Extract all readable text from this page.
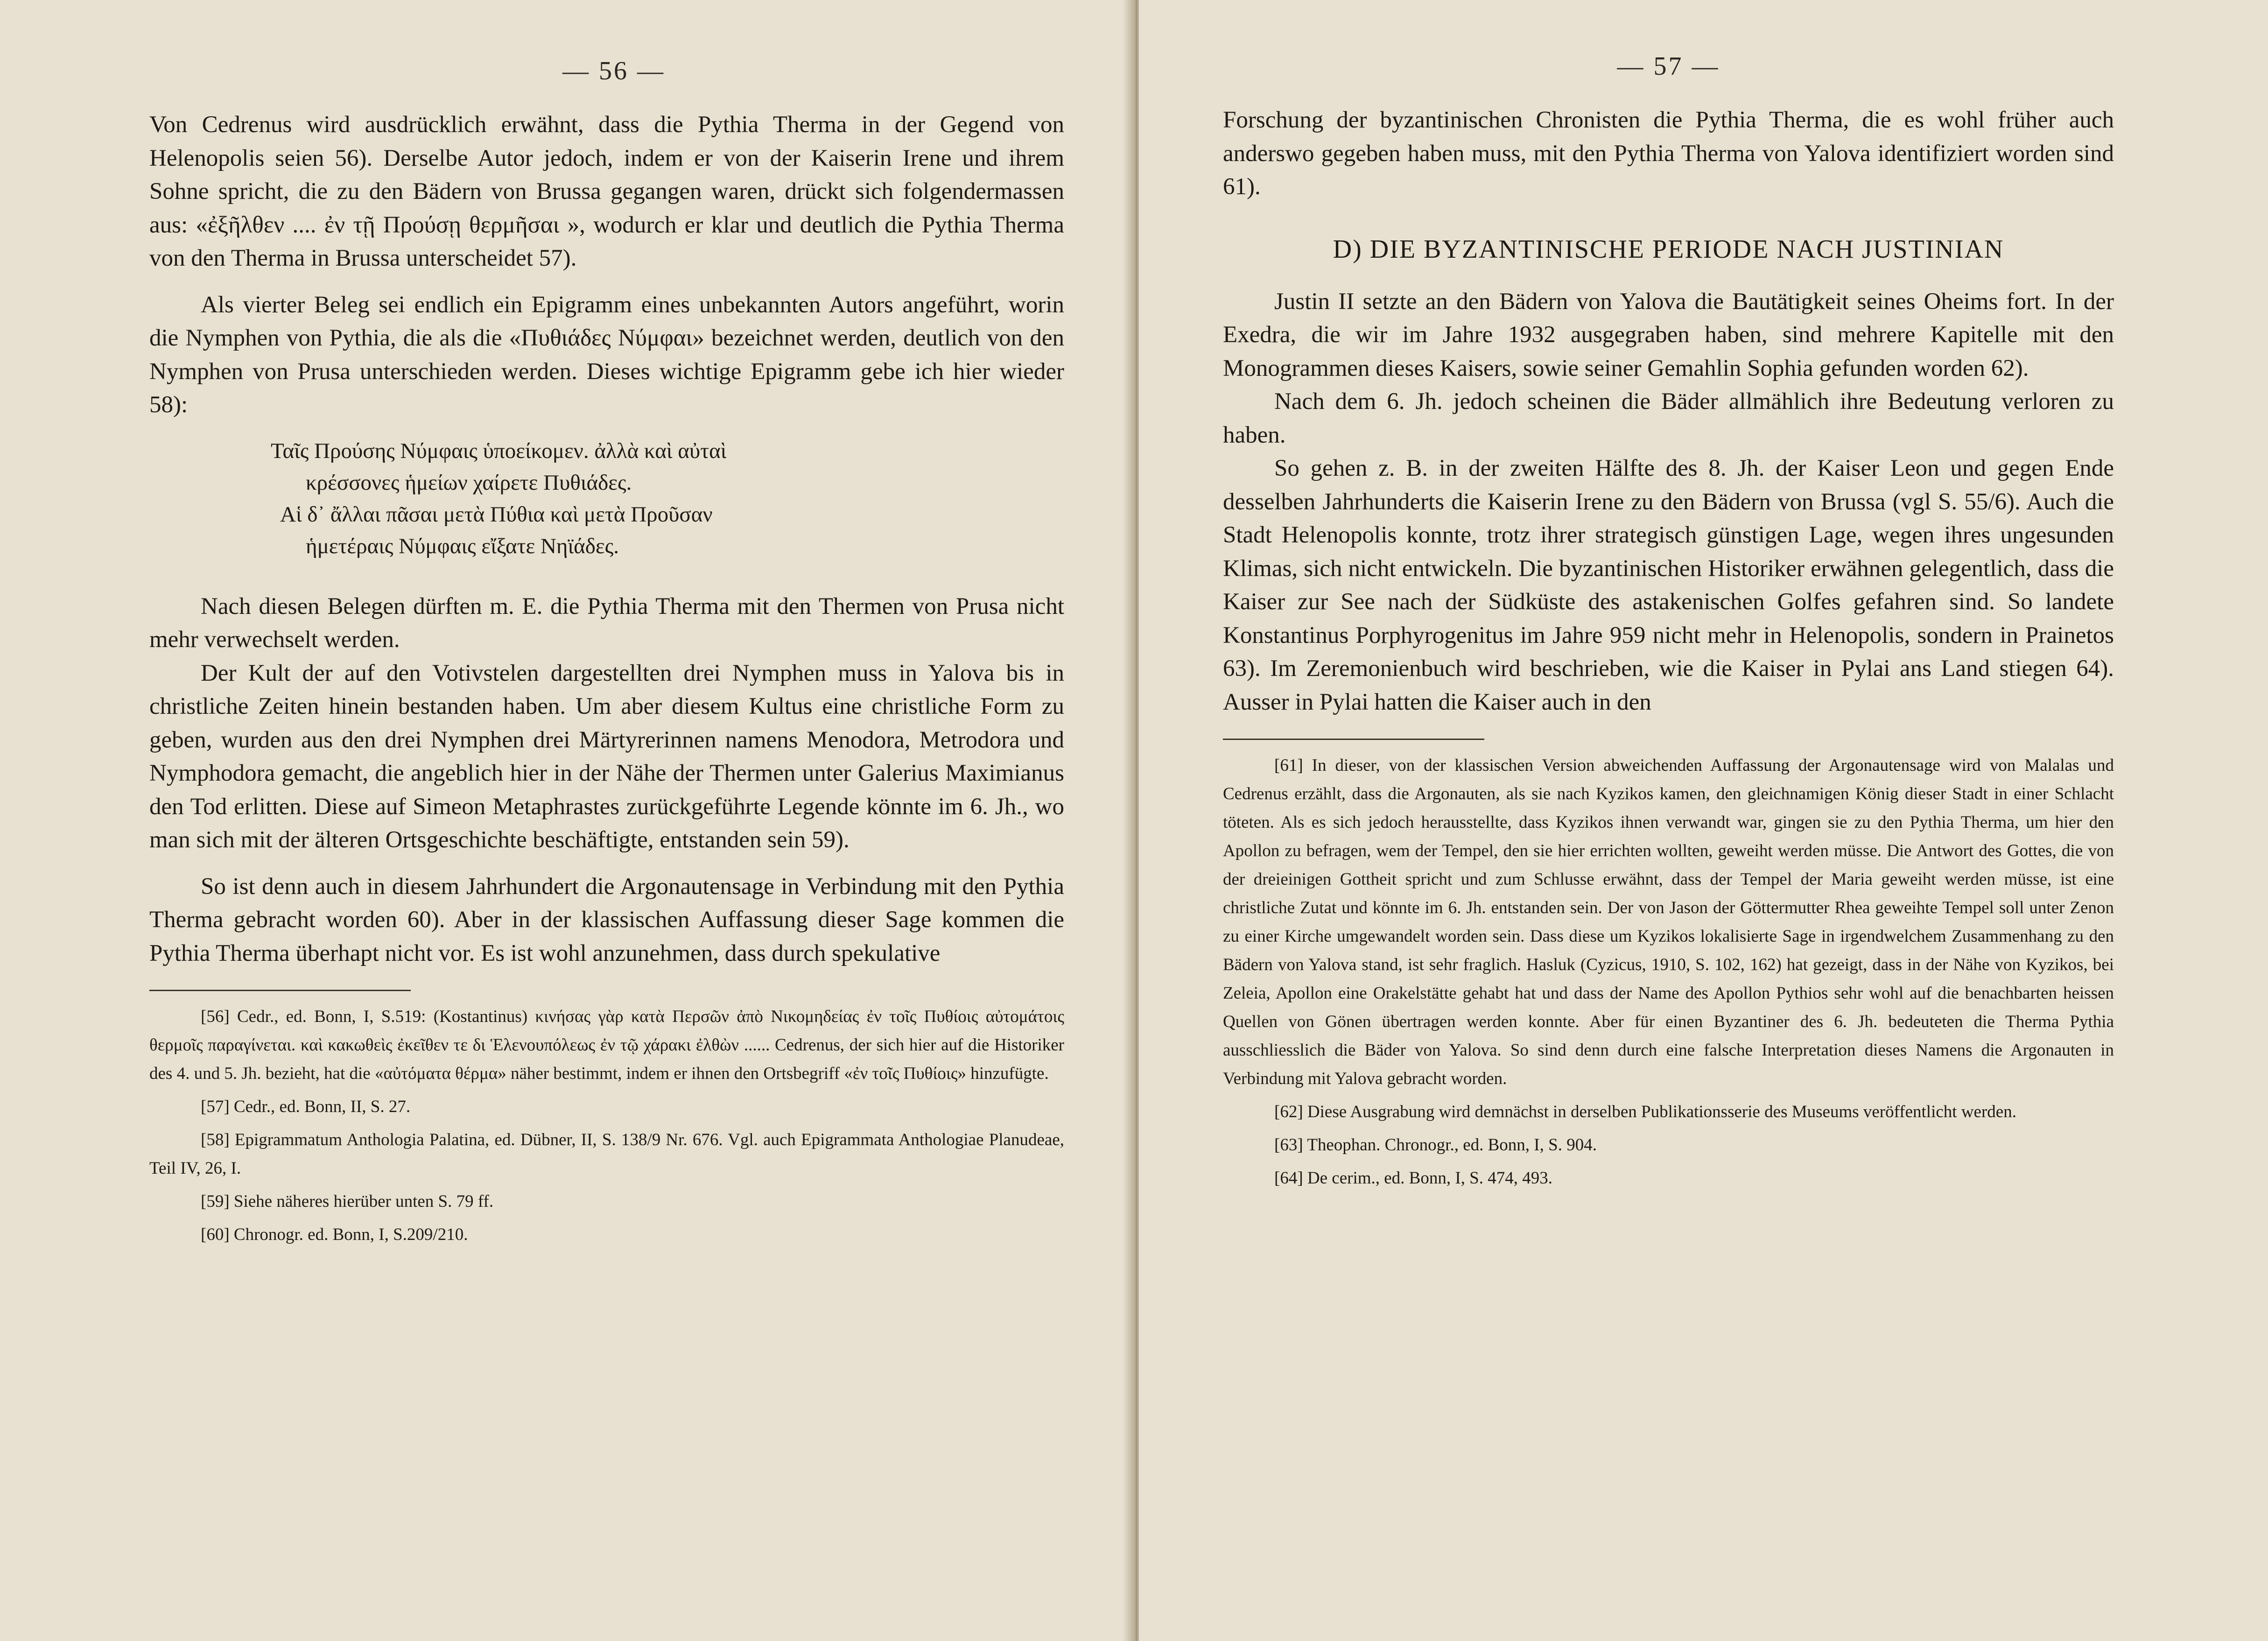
— 56 —

Von Cedrenus wird ausdrücklich erwähnt, dass die Pythia Therma in der Gegend von Helenopolis seien 56). Derselbe Autor jedoch, indem er von der Kaiserin Irene und ihrem Sohne spricht, die zu den Bädern von Brussa gegangen waren, drückt sich folgendermassen aus: «ἐξῆλθεν .... ἐν τῇ Προύσῃ θερμῆσαι », wodurch er klar und deutlich die Pythia Therma von den Therma in Brussa unterscheidet 57).

Als vierter Beleg sei endlich ein Epigramm eines unbekannten Autors angeführt, worin die Nymphen von Pythia, die als die «Πυθιάδες Νύμφαι» bezeichnet werden, deutlich von den Nymphen von Prusa unterschieden werden. Dieses wichtige Epigramm gebe ich hier wieder 58):

Ταῖς Προύσης Νύμφαις ὑποείκομεν. ἀλλὰ καὶ αὐταὶ
κρέσσονες ἡμείων χαίρετε Πυθιάδες.
Αἱ δ᾽ ἄλλαι πᾶσαι μετὰ Πύθια καὶ μετὰ Προῦσαν
ἡμετέραις Νύμφαις εἴξατε Νηϊάδες.

Nach diesen Belegen dürften m. E. die Pythia Therma mit den Thermen von Prusa nicht mehr verwechselt werden.

Der Kult der auf den Votivstelen dargestellten drei Nymphen muss in Yalova bis in christliche Zeiten hinein bestanden haben. Um aber diesem Kultus eine christliche Form zu geben, wurden aus den drei Nymphen drei Märtyrerinnen namens Menodora, Metrodora und Nymphodora gemacht, die angeblich hier in der Nähe der Thermen unter Galerius Maximianus den Tod erlitten. Diese auf Simeon Metaphrastes zurückgeführte Legende könnte im 6. Jh., wo man sich mit der älteren Ortsgeschichte beschäftigte, entstanden sein 59).

So ist denn auch in diesem Jahrhundert die Argonautensage in Verbindung mit den Pythia Therma gebracht worden 60). Aber in der klassischen Auffassung dieser Sage kommen die Pythia Therma überhapt nicht vor. Es ist wohl anzunehmen, dass durch spekulative

[56] Cedr., ed. Bonn, I, S.519: (Kostantinus) κινήσας γὰρ κατὰ Περσῶν ἀπὸ Νικομηδείας ἐν τοῖς Πυθίοις αὐτομάτοις θερμοῖς παραγίνεται. καὶ κακωθεὶς ἐκεῖθεν τε δι Ἑλενουπόλεως ἐν τῷ χάρακι ἐλθὼν ...... Cedrenus, der sich hier auf die Historiker des 4. und 5. Jh. bezieht, hat die «αὐτόματα θέρμα» näher bestimmt, indem er ihnen den Ortsbegriff «ἐν τοῖς Πυθίοις» hinzufügte.

[57] Cedr., ed. Bonn, II, S. 27.

[58] Epigrammatum Anthologia Palatina, ed. Dübner, II, S. 138/9 Nr. 676. Vgl. auch Epigrammata Anthologiae Planudeae, Teil IV, 26, I.

[59] Siehe näheres hierüber unten S. 79 ff.

[60] Chronogr. ed. Bonn, I, S.209/210.

— 57 —

Forschung der byzantinischen Chronisten die Pythia Therma, die es wohl früher auch anderswo gegeben haben muss, mit den Pythia Therma von Yalova identifiziert worden sind 61).

D) DIE BYZANTINISCHE PERIODE NACH JUSTINIAN

Justin II setzte an den Bädern von Yalova die Bautätigkeit seines Oheims fort. In der Exedra, die wir im Jahre 1932 ausgegraben haben, sind mehrere Kapitelle mit den Monogrammen dieses Kaisers, sowie seiner Gemahlin Sophia gefunden worden 62).

Nach dem 6. Jh. jedoch scheinen die Bäder allmählich ihre Bedeutung verloren zu haben.

So gehen z. B. in der zweiten Hälfte des 8. Jh. der Kaiser Leon und gegen Ende desselben Jahrhunderts die Kaiserin Irene zu den Bädern von Brussa (vgl S. 55/6). Auch die Stadt Helenopolis konnte, trotz ihrer strategisch günstigen Lage, wegen ihres ungesunden Klimas, sich nicht entwickeln. Die byzantinischen Historiker erwähnen gelegentlich, dass die Kaiser zur See nach der Südküste des astakenischen Golfes gefahren sind. So landete Konstantinus Porphyrogenitus im Jahre 959 nicht mehr in Helenopolis, sondern in Prainetos 63). Im Zeremonienbuch wird beschrieben, wie die Kaiser in Pylai ans Land stiegen 64). Ausser in Pylai hatten die Kaiser auch in den

[61] In dieser, von der klassischen Version abweichenden Auffassung der Argonautensage wird von Malalas und Cedrenus erzählt, dass die Argonauten, als sie nach Kyzikos kamen, den gleichnamigen König dieser Stadt in einer Schlacht töteten. Als es sich jedoch herausstellte, dass Kyzikos ihnen verwandt war, gingen sie zu den Pythia Therma, um hier den Apollon zu befragen, wem der Tempel, den sie hier errichten wollten, geweiht werden müsse. Die Antwort des Gottes, die von der dreieinigen Gottheit spricht und zum Schlusse erwähnt, dass der Tempel der Maria geweiht werden müsse, ist eine christliche Zutat und könnte im 6. Jh. entstanden sein. Der von Jason der Göttermutter Rhea geweihte Tempel soll unter Zenon zu einer Kirche umgewandelt worden sein. Dass diese um Kyzikos lokalisierte Sage in irgendwelchem Zusammenhang zu den Bädern von Yalova stand, ist sehr fraglich. Hasluk (Cyzicus, 1910, S. 102, 162) hat gezeigt, dass in der Nähe von Kyzikos, bei Zeleia, Apollon eine Orakelstätte gehabt hat und dass der Name des Apollon Pythios sehr wohl auf die benachbarten heissen Quellen von Gönen übertragen werden konnte. Aber für einen Byzantiner des 6. Jh. bedeuteten die Therma Pythia ausschliesslich die Bäder von Yalova. So sind denn durch eine falsche Interpretation dieses Namens die Argonauten in Verbindung mit Yalova gebracht worden.

[62] Diese Ausgrabung wird demnächst in derselben Publikationsserie des Museums veröffentlicht werden.

[63] Theophan. Chronogr., ed. Bonn, I, S. 904.

[64] De cerim., ed. Bonn, I, S. 474, 493.
